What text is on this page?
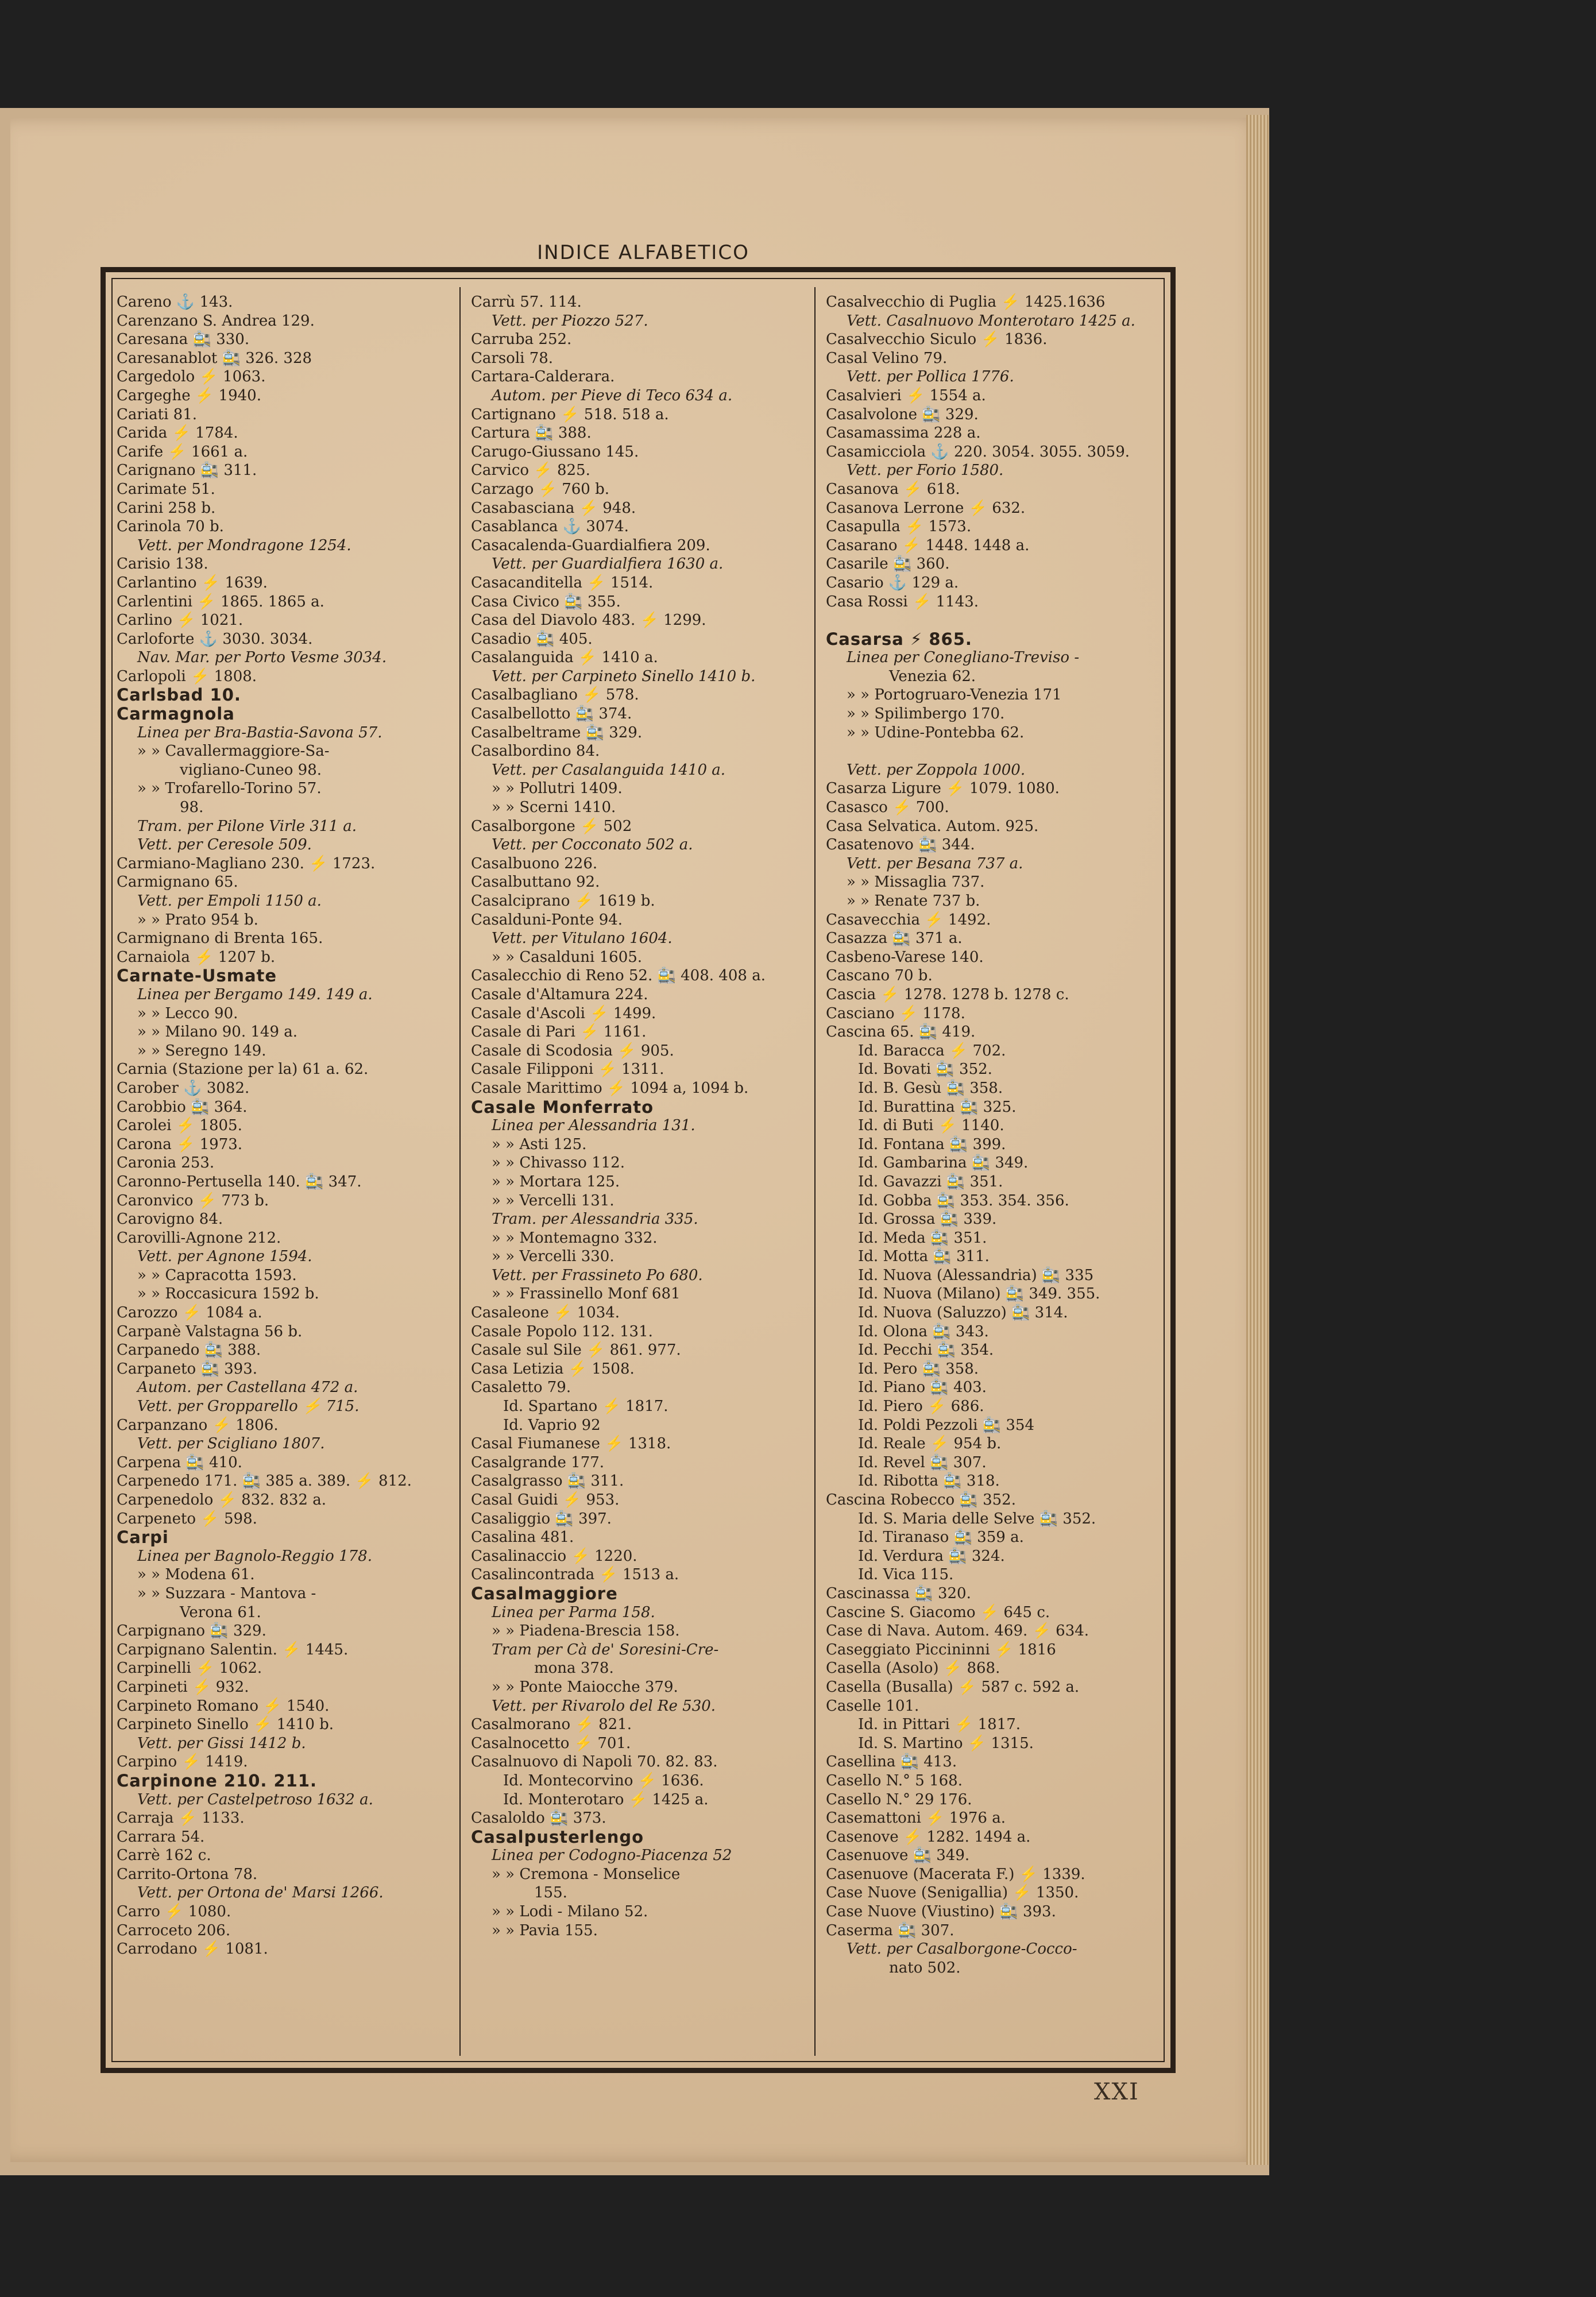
INDICE ALFABETICO
Careno ⚓ 143.
Carenzano S. Andrea 129.
Caresana 🚉 330.
Caresanablot 🚉 326. 328
Cargedolo ⚡ 1063.
Cargeghe ⚡ 1940.
Cariati 81.
Carida ⚡ 1784.
Carife ⚡ 1661 a.
Carignano 🚉 311.
Carimate 51.
Carini 258 b.
Carinola 70 b.
Vett. per Mondragone 1254.
Carisio 138.
Carlantino ⚡ 1639.
Carlentini ⚡ 1865. 1865 a.
Carlino ⚡ 1021.
Carloforte ⚓ 3030. 3034.
Nav. Mar. per Porto Vesme 3034.
Carlopoli ⚡ 1808.
Carlsbad 10.
Carmagnola
Linea per Bra-Bastia-Savona 57.
» » Cavallermaggiore-Sa-
vigliano-Cuneo 98.
» » Trofarello-Torino 57.
98.
Tram. per Pilone Virle 311 a.
Vett. per Ceresole 509.
Carmiano-Magliano 230. ⚡ 1723.
Carmignano 65.
Vett. per Empoli 1150 a.
» » Prato 954 b.
Carmignano di Brenta 165.
Carnaiola ⚡ 1207 b.
Carnate-Usmate
Linea per Bergamo 149. 149 a.
» » Lecco 90.
» » Milano 90. 149 a.
» » Seregno 149.
Carnia (Stazione per la) 61 a. 62.
Carober ⚓ 3082.
Carobbio 🚉 364.
Carolei ⚡ 1805.
Carona ⚡ 1973.
Caronia 253.
Caronno-Pertusella 140. 🚉 347.
Caronvico ⚡ 773 b.
Carovigno 84.
Carovilli-Agnone 212.
Vett. per Agnone 1594.
» » Capracotta 1593.
» » Roccasicura 1592 b.
Carozzo ⚡ 1084 a.
Carpanè Valstagna 56 b.
Carpanedo 🚉 388.
Carpaneto 🚉 393.
Autom. per Castellana 472 a.
Vett. per Gropparello ⚡ 715.
Carpanzano ⚡ 1806.
Vett. per Scigliano 1807.
Carpena 🚉 410.
Carpenedo 171. 🚉 385 a. 389. ⚡ 812.
Carpenedolo ⚡ 832. 832 a.
Carpeneto ⚡ 598.
Carpi
Linea per Bagnolo-Reggio 178.
» » Modena 61.
» » Suzzara - Mantova -
Verona 61.
Carpignano 🚉 329.
Carpignano Salentin. ⚡ 1445.
Carpinelli ⚡ 1062.
Carpineti ⚡ 932.
Carpineto Romano ⚡ 1540.
Carpineto Sinello ⚡ 1410 b.
Vett. per Gissi 1412 b.
Carpino ⚡ 1419.
Carpinone 210. 211.
Vett. per Castelpetroso 1632 a.
Carraja ⚡ 1133.
Carrara 54.
Carrè 162 c.
Carrito-Ortona 78.
Vett. per Ortona de' Marsi 1266.
Carro ⚡ 1080.
Carroceto 206.
Carrodano ⚡ 1081.
Carrù 57. 114.
Vett. per Piozzo 527.
Carruba 252.
Carsoli 78.
Cartara-Calderara.
Autom. per Pieve di Teco 634 a.
Cartignano ⚡ 518. 518 a.
Cartura 🚉 388.
Carugo-Giussano 145.
Carvico ⚡ 825.
Carzago ⚡ 760 b.
Casabasciana ⚡ 948.
Casablanca ⚓ 3074.
Casacalenda-Guardialfiera 209.
Vett. per Guardialfiera 1630 a.
Casacanditella ⚡ 1514.
Casa Civico 🚉 355.
Casa del Diavolo 483. ⚡ 1299.
Casadio 🚉 405.
Casalanguida ⚡ 1410 a.
Vett. per Carpineto Sinello 1410 b.
Casalbagliano ⚡ 578.
Casalbellotto 🚉 374.
Casalbeltrame 🚉 329.
Casalbordino 84.
Vett. per Casalanguida 1410 a.
» » Pollutri 1409.
» » Scerni 1410.
Casalborgone ⚡ 502
Vett. per Cocconato 502 a.
Casalbuono 226.
Casalbuttano 92.
Casalciprano ⚡ 1619 b.
Casalduni-Ponte 94.
Vett. per Vitulano 1604.
» » Casalduni 1605.
Casalecchio di Reno 52. 🚉 408. 408 a.
Casale d'Altamura 224.
Casale d'Ascoli ⚡ 1499.
Casale di Pari ⚡ 1161.
Casale di Scodosia ⚡ 905.
Casale Filipponi ⚡ 1311.
Casale Marittimo ⚡ 1094 a, 1094 b.
Casale Monferrato
Linea per Alessandria 131.
» » Asti 125.
» » Chivasso 112.
» » Mortara 125.
» » Vercelli 131.
Tram. per Alessandria 335.
» » Montemagno 332.
» » Vercelli 330.
Vett. per Frassineto Po 680.
» » Frassinello Monf 681
Casaleone ⚡ 1034.
Casale Popolo 112. 131.
Casale sul Sile ⚡ 861. 977.
Casa Letizia ⚡ 1508.
Casaletto 79.
Id. Spartano ⚡ 1817.
Id. Vaprio 92
Casal Fiumanese ⚡ 1318.
Casalgrande 177.
Casalgrasso 🚉 311.
Casal Guidi ⚡ 953.
Casaliggio 🚉 397.
Casalina 481.
Casalinaccio ⚡ 1220.
Casalincontrada ⚡ 1513 a.
Casalmaggiore
Linea per Parma 158.
» » Piadena-Brescia 158.
Tram per Cà de' Soresini-Cre-
mona 378.
» » Ponte Maiocche 379.
Vett. per Rivarolo del Re 530.
Casalmorano ⚡ 821.
Casalnocetto ⚡ 701.
Casalnuovo di Napoli 70. 82. 83.
Id. Montecorvino ⚡ 1636.
Id. Monterotaro ⚡ 1425 a.
Casaloldo 🚉 373.
Casalpusterlengo
Linea per Codogno-Piacenza 52
» » Cremona - Monselice
155.
» » Lodi - Milano 52.
» » Pavia 155.
Casalvecchio di Puglia ⚡ 1425.1636
Vett. Casalnuovo Monterotaro 1425 a.
Casalvecchio Siculo ⚡ 1836.
Casal Velino 79.
Vett. per Pollica 1776.
Casalvieri ⚡ 1554 a.
Casalvolone 🚉 329.
Casamassima 228 a.
Casamicciola ⚓ 220. 3054. 3055. 3059.
Vett. per Forio 1580.
Casanova ⚡ 618.
Casanova Lerrone ⚡ 632.
Casapulla ⚡ 1573.
Casarano ⚡ 1448. 1448 a.
Casarile 🚉 360.
Casario ⚓ 129 a.
Casa Rossi ⚡ 1143.
Casarsa ⚡ 865.
Linea per Conegliano-Treviso -
Venezia 62.
» » Portogruaro-Venezia 171
» » Spilimbergo 170.
» » Udine-Pontebba 62.
Vett. per Zoppola 1000.
Casarza Ligure ⚡ 1079. 1080.
Casasco ⚡ 700.
Casa Selvatica. Autom. 925.
Casatenovo 🚉 344.
Vett. per Besana 737 a.
» » Missaglia 737.
» » Renate 737 b.
Casavecchia ⚡ 1492.
Casazza 🚉 371 a.
Casbeno-Varese 140.
Cascano 70 b.
Cascia ⚡ 1278. 1278 b. 1278 c.
Casciano ⚡ 1178.
Cascina 65. 🚉 419.
Id. Baracca ⚡ 702.
Id. Bovati 🚉 352.
Id. B. Gesù 🚉 358.
Id. Burattina 🚉 325.
Id. di Buti ⚡ 1140.
Id. Fontana 🚉 399.
Id. Gambarina 🚉 349.
Id. Gavazzi 🚉 351.
Id. Gobba 🚉 353. 354. 356.
Id. Grossa 🚉 339.
Id. Meda 🚉 351.
Id. Motta 🚉 311.
Id. Nuova (Alessandria) 🚉 335
Id. Nuova (Milano) 🚉 349. 355.
Id. Nuova (Saluzzo) 🚉 314.
Id. Olona 🚉 343.
Id. Pecchi 🚉 354.
Id. Pero 🚉 358.
Id. Piano 🚉 403.
Id. Piero ⚡ 686.
Id. Poldi Pezzoli 🚉 354
Id. Reale ⚡ 954 b.
Id. Revel 🚉 307.
Id. Ribotta 🚉 318.
Cascina Robecco 🚉 352.
Id. S. Maria delle Selve 🚉 352.
Id. Tiranaso 🚉 359 a.
Id. Verdura 🚉 324.
Id. Vica 115.
Cascinassa 🚉 320.
Cascine S. Giacomo ⚡ 645 c.
Case di Nava. Autom. 469. ⚡ 634.
Caseggiato Piccininni ⚡ 1816
Casella (Asolo) ⚡ 868.
Casella (Busalla) ⚡ 587 c. 592 a.
Caselle 101.
Id. in Pittari ⚡ 1817.
Id. S. Martino ⚡ 1315.
Casellina 🚉 413.
Casello N.° 5 168.
Casello N.° 29 176.
Casemattoni ⚡ 1976 a.
Casenove ⚡ 1282. 1494 a.
Casenuove 🚉 349.
Casenuove (Macerata F.) ⚡ 1339.
Case Nuove (Senigallia) ⚡ 1350.
Case Nuove (Viustino) 🚉 393.
Caserma 🚉 307.
Vett. per Casalborgone-Cocco-
nato 502.
XXI
